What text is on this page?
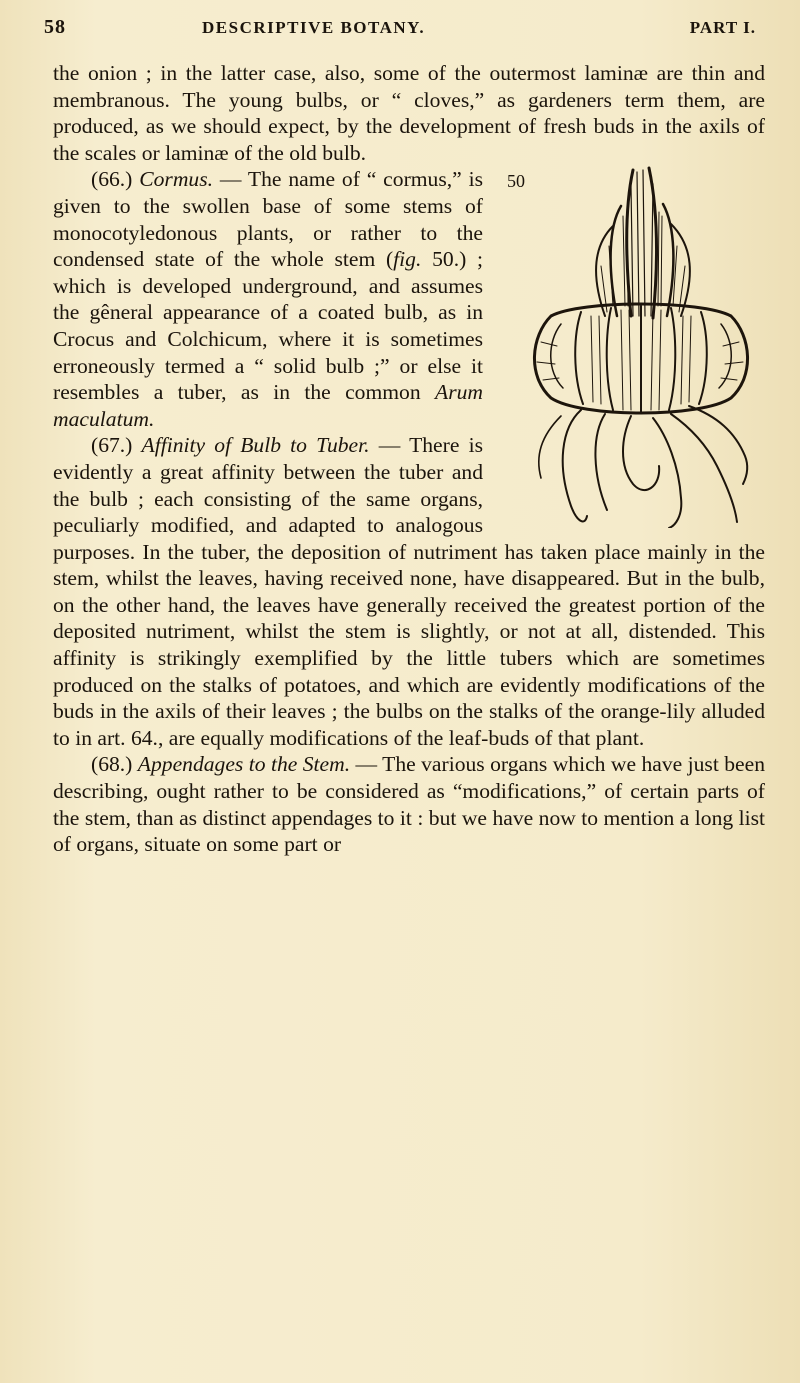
58	DESCRIPTIVE BOTANY.	PART I.

the onion ; in the latter case, also, some of the outermost laminæ are thin and membranous. The young bulbs, or “ cloves,” as gardeners term them, are produced, as we should expect, by the development of fresh buds in the axils of the scales or laminæ of the old bulb.

50

(66.) Cormus. — The name of “ cormus,” is given to the swollen base of some stems of monocotyledonous plants, or rather to the condensed state of the whole stem (fig. 50.) ; which is developed underground, and assumes the gêneral appearance of a coated bulb, as in Crocus and Colchicum, where it is sometimes erroneously termed a “ solid bulb ;” or else it resembles a tuber, as in the common Arum maculatum.

(67.) Affinity of Bulb to Tuber. — There is evidently a great affinity between the tuber and the bulb ; each consisting of the same organs, peculiarly modified, and adapted to analogous purposes. In the tuber, the deposition of nutriment has taken place mainly in the stem, whilst the leaves, having received none, have disappeared. But in the bulb, on the other hand, the leaves have generally received the greatest portion of the deposited nutriment, whilst the stem is slightly, or not at all, distended. This affinity is strikingly exemplified by the little tubers which are sometimes produced on the stalks of potatoes, and which are evidently modifications of the buds in the axils of their leaves ; the bulbs on the stalks of the orange-lily alluded to in art. 64., are equally modifications of the leaf-buds of that plant.

(68.) Appendages to the Stem. — The various organs which we have just been describing, ought rather to be considered as “modifications,” of certain parts of the stem, than as distinct appendages to it : but we have now to mention a long list of organs, situate on some part or
